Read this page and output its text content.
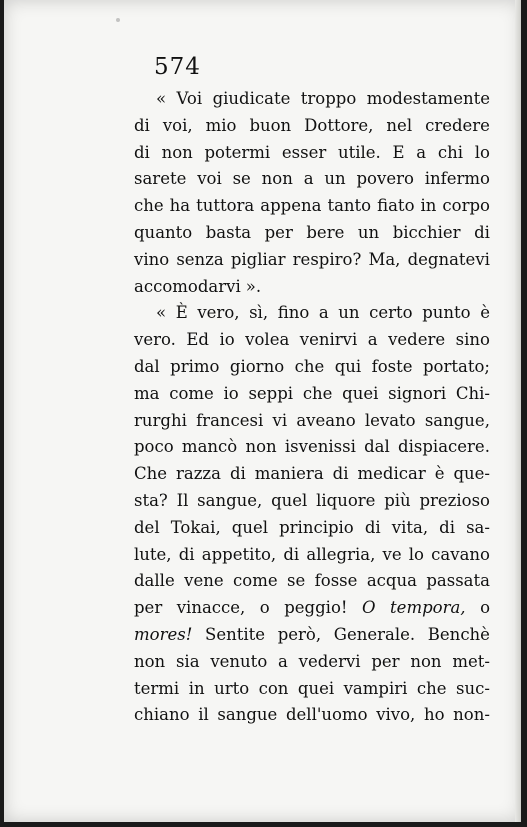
574
« Voi giudicate troppo modestamente
di voi, mio buon Dottore, nel credere
di non potermi esser utile. E a chi lo
sarete voi se non a un povero infermo
che ha tuttora appena tanto fiato in corpo
quanto basta per bere un bicchier di
vino senza pigliar respiro? Ma, degnatevi
accomodarvi ».
« È vero, sì, fino a un certo punto è
vero. Ed io volea venirvi a vedere sino
dal primo giorno che qui foste portato;
ma come io seppi che quei signori Chi-
rurghi francesi vi aveano levato sangue,
poco mancò non isvenissi dal dispiacere.
Che razza di maniera di medicar è que-
sta? Il sangue, quel liquore più prezioso
del Tokai, quel principio di vita, di sa-
lute, di appetito, di allegria, ve lo cavano
dalle vene come se fosse acqua passata
per vinacce, o peggio! O tempora, o
mores! Sentite però, Generale. Benchè
non sia venuto a vedervi per non met-
termi in urto con quei vampiri che suc-
chiano il sangue dell'uomo vivo, ho non-
